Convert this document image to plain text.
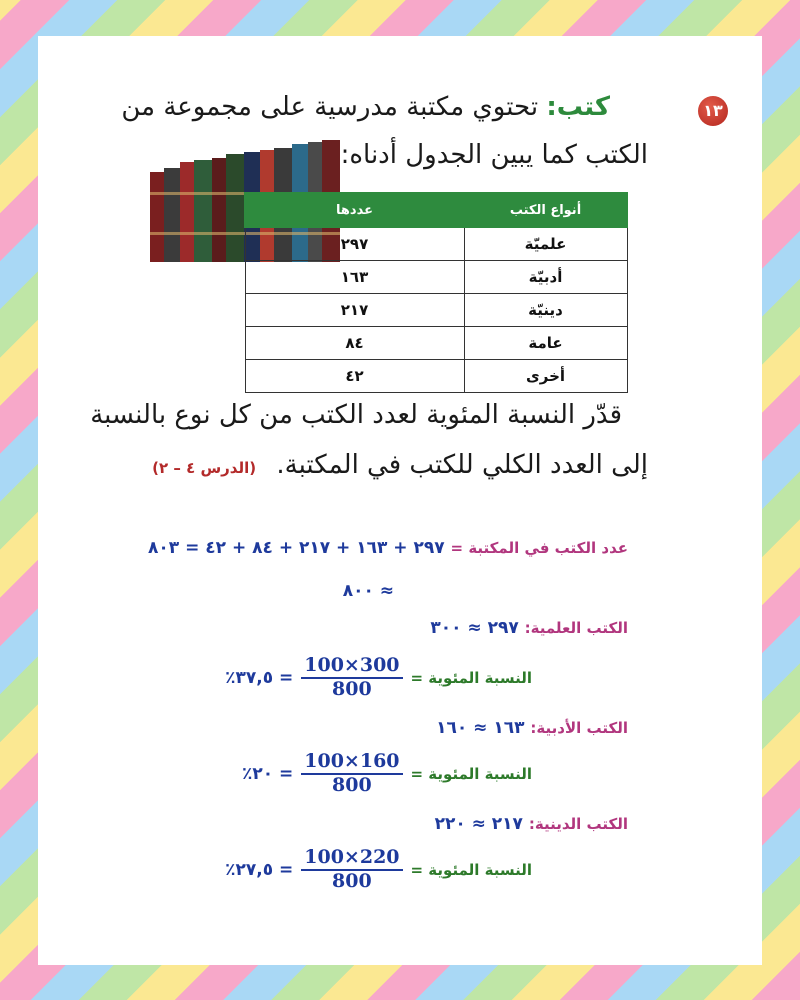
١٣
كتب: تحتوي مكتبة مدرسية على مجموعة من
الكتب كما يبين الجدول أدناه:
أنواع الكتب	عددها
علميّة	٢٩٧
أدبيّة	١٦٣
دينيّة	٢١٧
عامة	٨٤
أخرى	٤٢
قدّر النسبة المئوية لعدد الكتب من كل نوع بالنسبة
إلى العدد الكلي للكتب في المكتبة. (الدرس ٤ – ٢)
عدد الكتب في المكتبة = ٢٩٧ + ١٦٣ + ٢١٧ + ٨٤ + ٤٢ = ٨٠٣
≈ ٨٠٠
الكتب العلمية: ٢٩٧ ≈ ٣٠٠
النسبة المئوية =
$\frac{100\times 300}{800}$
= ٣٧,٥٪
الكتب الأدبية: ١٦٣ ≈ ١٦٠
النسبة المئوية =
$\frac{100\times 160}{800}$
= ٢٠٪
الكتب الدينية: ٢١٧ ≈ ٢٢٠
النسبة المئوية =
$\frac{100\times 220}{800}$
= ٢٧,٥٪
